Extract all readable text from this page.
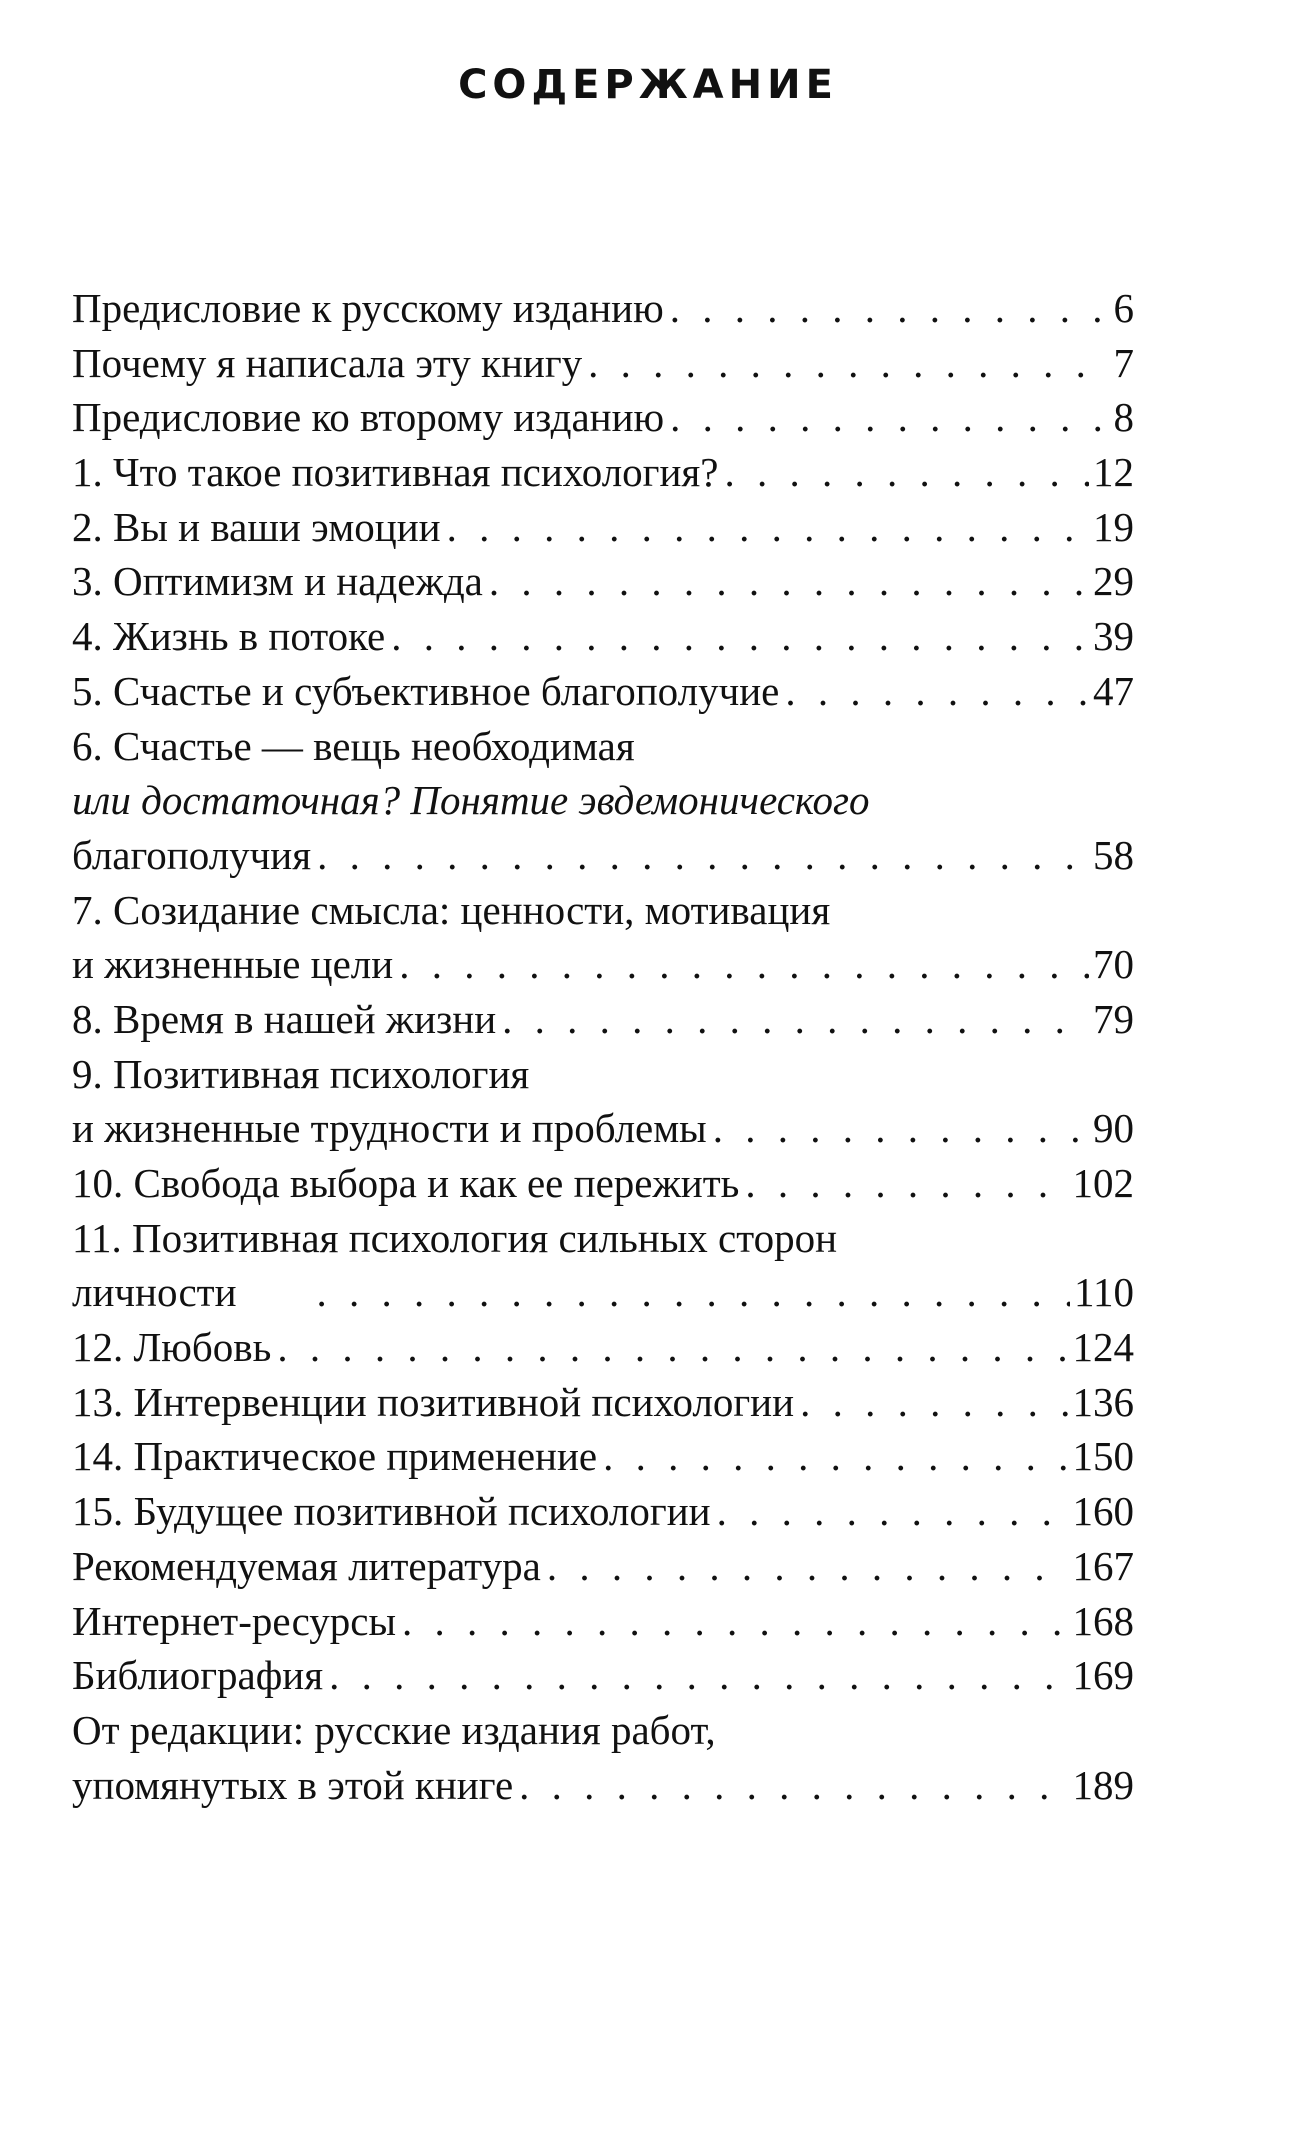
СОДЕРЖАНИЕ
Предисловие к русскому изданию . . .	6
Почему я написала эту книгу . . .	7
Предисловие ко второму изданию . . .	8
1. Что такое позитивная психология? . . .	12
2. Вы и ваши эмоции . . .	19
3. Оптимизм и надежда . . .	29
4. Жизнь в потоке . . .	39
5. Счастье и субъективное благополучие . . .	47
6. Счастье — вещь необходимая
или достаточная? Понятие эвдемонического
благополучия . . .	58
7. Созидание смысла: ценности, мотивация
и жизненные цели . . .	70
8. Время в нашей жизни . . .	79
9. Позитивная психология
и жизненные трудности и проблемы . . .	90
10. Свобода выбора и как ее пережить . . .	102
11. Позитивная психология сильных сторон
личности . . .	110
12. Любовь . . .	124
13. Интервенции позитивной психологии . . .	136
14. Практическое применение . . .	150
15. Будущее позитивной психологии . . .	160
Рекомендуемая литература . . .	167
Интернет-ресурсы . . .	168
Библиография . . .	169
От редакции: русские издания работ,
упомянутых в этой книге . . .	189
